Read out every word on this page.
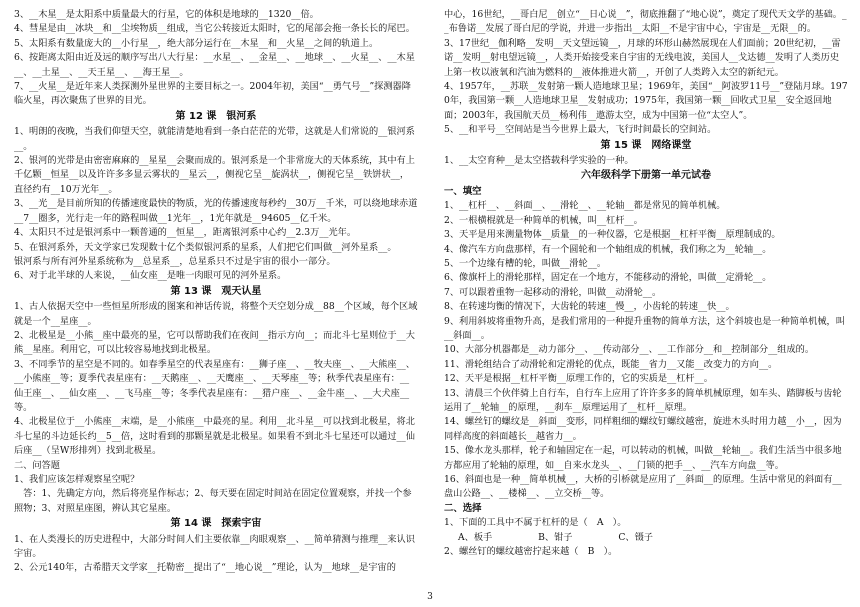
3、__木星__是太阳系中质量最大的行星，它的体积是地球的__1320__倍。
4、彗星是由__冰块__和__尘埃物质__组成，当它公转接近太阳时，它的尾部会拖一条长长的尾巴。
5、太阳系有数量庞大的__小行星__，绝大部分运行在__木星__和__火星__之间的轨道上。
6、按距离太阳由近及远的顺序写出八大行星：__水星__、__金星__、__地球__、__火星__、__木星__、__土星__、__天王星__、__海王星__。
7、__火星__是近年来人类探测外星世界的主要目标之一。2004年初，美国“__勇气号__”探测器降临火星，再次聚焦了世界的目光。
第 12 课　银河系
1、明朗的夜晚，当我们仰望天空，就能清楚地看到一条白茫茫的光带，这就是人们常说的__银河系__。
2、银河的光带是由密密麻麻的__星星__会聚而成的。银河系是一个非常庞大的天体系统，其中有上千亿颗__恒星__以及许许多多显云雾状的__星云__，侧视它呈__旋涡状__，侧视它呈__铁饼状__，直径约有__10万光年__。
3、__光__是目前所知的传播速度最快的物质，光的传播速度每秒约__30万__千米，可以绕地球赤道__7__圈多，光行走一年的路程叫做__1光年__，1光年就是__94605__亿千米。
4、太阳只不过是银河系中一颗普通的__恒星__，距离银河系中心约__2.3万__光年。
5、在银河系外，天文学家已发现数十亿个类似银河系的星系，人们把它们叫做__河外星系__。
银河系与所有河外星系统称为__总星系__，总星系只不过是宇宙的很小一部分。
6、对于北半球的人来说，__仙女座__是唯一肉眼可见的河外星系。
第 13 课　观天认星
1、古人依据天空中一些恒星所形成的图案和神话传说，将整个天空划分成__88__个区域，每个区域就是一个__星座__。
2、北极星是__小熊__座中最亮的星，它可以帮助我们在夜间__指示方向__；而北斗七星则位于__大熊__星座。利用它，可以比较容易地找到北极星。
3、不同季节的星空是不同的。如春季星空的代表星座有：__狮子座__、__牧夫座__、__大熊座__、__小熊座__等；夏季代表星座有：__天鹅座__、__天鹰座__、__天琴座__等；秋季代表星座有：__仙王座__、__仙女座__、__飞马座__等；冬季代表星座有：__猎户座__、__金牛座__、__大犬座__等。
4、北极星位于__小熊座__末端，是__小熊座__中最亮的星。利用__北斗星__可以找到北极星，将北斗七星的斗边延长约__5__倍，这时看到的那颗星就是北极星。如果看不到北斗七星还可以通过__仙后座__（呈W形排列）找到北极星。
二、问答题
1、我们应该怎样观察星空呢？
　答：1、先确定方向，然后将亮星作标志；2、每天要在固定时间站在固定位置观察，并找一个参照物；3、对照星座图，辨认其它星座。
第 14 课　探索宇宙
1、在人类漫长的历史进程中，大部分时间人们主要依靠__肉眼观察__、__简单猜测与推理__来认识宇宙。
2、公元140年，古希腊天文学家__托勒密__提出了“__地心说__”理论，认为__地球__是宇宙的
中心，16世纪，__哥白尼__创立“__日心说__”，彻底推翻了“地心说”，奠定了现代天文学的基础。__布鲁诺__发展了哥白尼的学说，并进一步指出__太阳__不是宇宙中心，宇宙是__无限__的。
3、17世纪__伽利略__发明__天文望远镜__，月球的环形山赫然展现在人们面前；20世纪初，__雷诺__发明__射电望远镜__，人类开始接受来自宇宙的无线电波，美国人__戈达德__发明了人类历史上第一枚以液氧和汽油为燃料的__液体推进火箭__，开创了人类跨入太空的新纪元。
4、1957年，__苏联__发射第一颗人造地球卫星；1969年，美国“__阿波罗11号__”登陆月球。1970年，我国第一颗__人造地球卫星__发射成功；1975年，我国第一颗__回收式卫星__安全返回地面；2003年，我国航天员__杨利伟__遨游太空，成为中国第一位“太空人”。
5、__和平号__空间站是当今世界上最大，飞行时间最长的空间站。
第 15 课　网络课堂
1、__太空育种__是太空搭载科学实验的一种。
六年级科学下册第一单元试卷
一、填空
1、__杠杆__、__斜面__、__滑轮__、__轮轴__都是常见的简单机械。
2、一根横棍就是一种简单的机械，叫__杠杆__。
3、天平是用来测量物体__质量__的一种仪器，它是根据__杠杆平衡__原理制成的。
4、像汽车方向盘那样，有一个圆轮和一个轴组成的机械，我们称之为__轮轴__。
5、一个边缘有槽的轮，叫做__滑轮__。
6、像旗杆上的滑轮那样，固定在一个地方，不能移动的滑轮，叫做__定滑轮__。
7、可以跟着重物一起移动的滑轮，叫做__动滑轮__。
8、在转速均衡的情况下，大齿轮的转速__慢__，小齿轮的转速__快__。
9、利用斜坡将重物升高，是我们常用的一种提升重物的简单方法，这个斜坡也是一种简单机械，叫__斜面__。
10、大部分机器都是__动力部分__、__传动部分__、__工作部分__和__控制部分__组成的。
11、滑轮组结合了动滑轮和定滑轮的优点，既能__省力__又能__改变力的方向__。
12、天平是根据__杠杆平衡__原理工作的，它的实质是__杠杆__。
13、清晨三个伙伴骑上自行车，自行车上应用了许许多多的简单机械原理，如车头、踏脚板与齿轮运用了__轮轴__的原理，__刹车__原理运用了__杠杆__原理。
14、螺丝钉的螺纹是__斜面__变形，同样粗细的螺纹钉螺纹越密，旋进木头时用力越__小__，因为同样高度的斜面越长__越省力__。
15、像水龙头那样，轮子和轴固定在一起，可以转动的机械，叫做__轮轴__。我们生活当中很多地方都应用了轮轴的原理，如__自来水龙头__、__门锁的把手__、__汽车方向盘__等。
16、斜面也是一种__简单机械__，大桥的引桥就是应用了__斜面__的原理。生活中常见的斜面有__盘山公路__、__楼梯__、__立交桥__等。
二、选择
1、下面的工具中不属于杠杆的是（　A　）。
A、板手　　　　　B、钳子　　　　　C、镊子
2、螺丝钉的螺纹越密拧起来越（　B　）。
3
